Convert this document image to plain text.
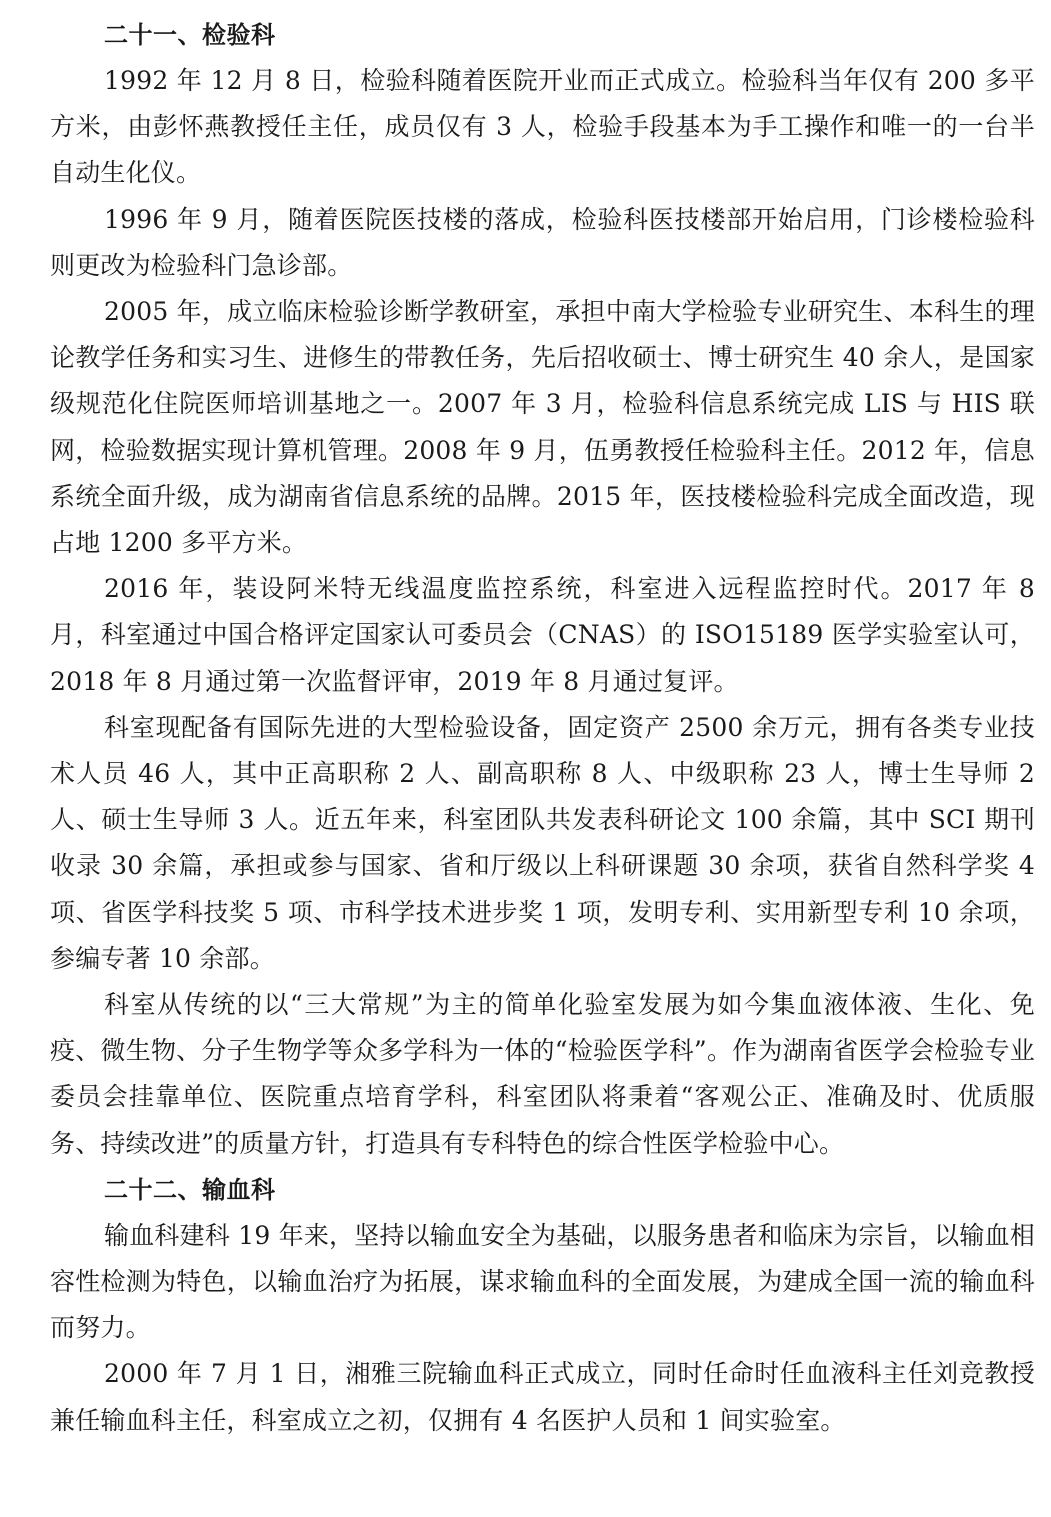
二十一、检验科

1992 年 12 月 8 日，检验科随着医院开业而正式成立。检验科当年仅有 200 多平方米，由彭怀燕教授任主任，成员仅有 3 人，检验手段基本为手工操作和唯一的一台半自动生化仪。

1996 年 9 月，随着医院医技楼的落成，检验科医技楼部开始启用，门诊楼检验科则更改为检验科门急诊部。

2005 年，成立临床检验诊断学教研室，承担中南大学检验专业研究生、本科生的理论教学任务和实习生、进修生的带教任务，先后招收硕士、博士研究生 40 余人，是国家级规范化住院医师培训基地之一。2007 年 3 月，检验科信息系统完成 LIS 与 HIS 联网，检验数据实现计算机管理。2008 年 9 月，伍勇教授任检验科主任。2012 年，信息系统全面升级，成为湖南省信息系统的品牌。2015 年，医技楼检验科完成全面改造，现占地 1200 多平方米。

2016 年，装设阿米特无线温度监控系统，科室进入远程监控时代。2017 年 8 月，科室通过中国合格评定国家认可委员会（CNAS）的 ISO15189 医学实验室认可，2018 年 8 月通过第一次监督评审，2019 年 8 月通过复评。

科室现配备有国际先进的大型检验设备，固定资产 2500 余万元，拥有各类专业技术人员 46 人，其中正高职称 2 人、副高职称 8 人、中级职称 23 人，博士生导师 2 人、硕士生导师 3 人。近五年来，科室团队共发表科研论文 100 余篇，其中 SCI 期刊收录 30 余篇，承担或参与国家、省和厅级以上科研课题 30 余项，获省自然科学奖 4 项、省医学科技奖 5 项、市科学技术进步奖 1 项，发明专利、实用新型专利 10 余项，参编专著 10 余部。

科室从传统的以“三大常规”为主的简单化验室发展为如今集血液体液、生化、免疫、微生物、分子生物学等众多学科为一体的“检验医学科”。作为湖南省医学会检验专业委员会挂靠单位、医院重点培育学科，科室团队将秉着“客观公正、准确及时、优质服务、持续改进”的质量方针，打造具有专科特色的综合性医学检验中心。

二十二、输血科

输血科建科 19 年来，坚持以输血安全为基础，以服务患者和临床为宗旨，以输血相容性检测为特色，以输血治疗为拓展，谋求输血科的全面发展，为建成全国一流的输血科而努力。

2000 年 7 月 1 日，湘雅三院输血科正式成立，同时任命时任血液科主任刘竞教授兼任输血科主任，科室成立之初，仅拥有 4 名医护人员和 1 间实验室。
